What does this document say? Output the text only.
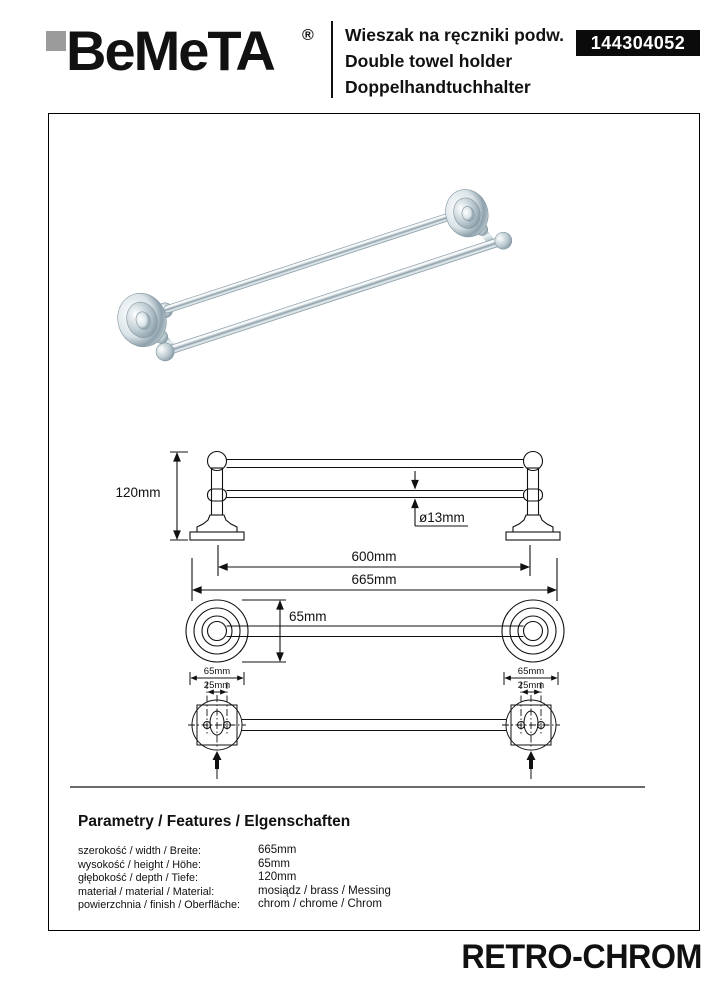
BeMeTA ® Wieszak na ręczniki podw.
Double towel holder
Doppelhandtuchhalter
144304052
120mm
ø13mm
600mm
665mm
65mm
65mm
25mm
65mm
25mm
Parametry / Features / Elgenschaften
szerokość / width / Breite:	665mm
wysokość / height / Höhe:	65mm
głębokość / depth / Tiefe:	120mm
materiał / material / Material:	mosiądz / brass / Messing
powierzchnia / finish / Oberfläche: chrom / chrome / Chrom
RETRO-CHROM
